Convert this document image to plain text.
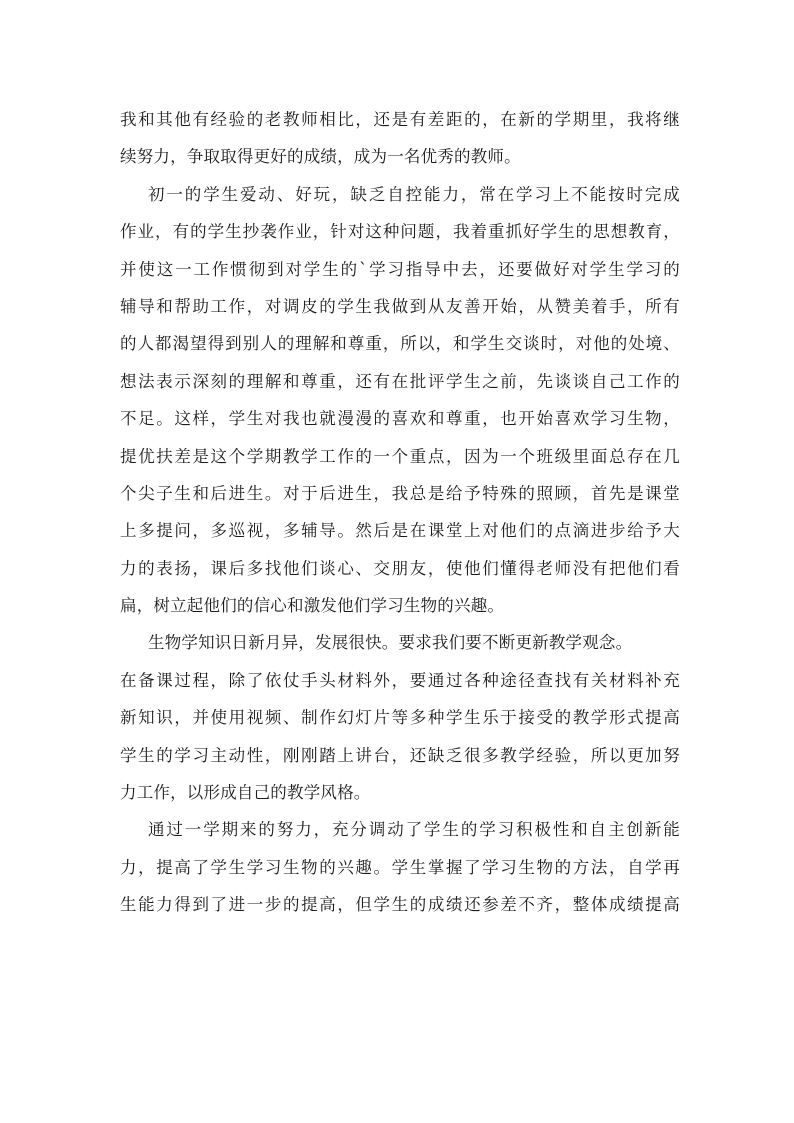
我和其他有经验的老教师相比，还是有差距的，在新的学期里，我将继
续努力，争取取得更好的成绩，成为一名优秀的教师。
初一的学生爱动、好玩，缺乏自控能力，常在学习上不能按时完成
作业，有的学生抄袭作业，针对这种问题，我着重抓好学生的思想教育，
并使这一工作惯彻到对学生的`学习指导中去，还要做好对学生学习的
辅导和帮助工作，对调皮的学生我做到从友善开始，从赞美着手，所有
的人都渴望得到别人的理解和尊重，所以，和学生交谈时，对他的处境、
想法表示深刻的理解和尊重，还有在批评学生之前，先谈谈自己工作的
不足。这样，学生对我也就漫漫的喜欢和尊重，也开始喜欢学习生物，
提优扶差是这个学期教学工作的一个重点，因为一个班级里面总存在几
个尖子生和后进生。对于后进生，我总是给予特殊的照顾，首先是课堂
上多提问，多巡视，多辅导。然后是在课堂上对他们的点滴进步给予大
力的表扬，课后多找他们谈心、交朋友，使他们懂得老师没有把他们看
扁，树立起他们的信心和激发他们学习生物的兴趣。
生物学知识日新月异，发展很快。要求我们要不断更新教学观念。
在备课过程，除了依仗手头材料外，要通过各种途径查找有关材料补充
新知识，并使用视频、制作幻灯片等多种学生乐于接受的教学形式提高
学生的学习主动性，刚刚踏上讲台，还缺乏很多教学经验，所以更加努
力工作，以形成自己的教学风格。
通过一学期来的努力，充分调动了学生的学习积极性和自主创新能
力，提高了学生学习生物的兴趣。学生掌握了学习生物的方法，自学再
生能力得到了进一步的提高，但学生的成绩还参差不齐，整体成绩提高
